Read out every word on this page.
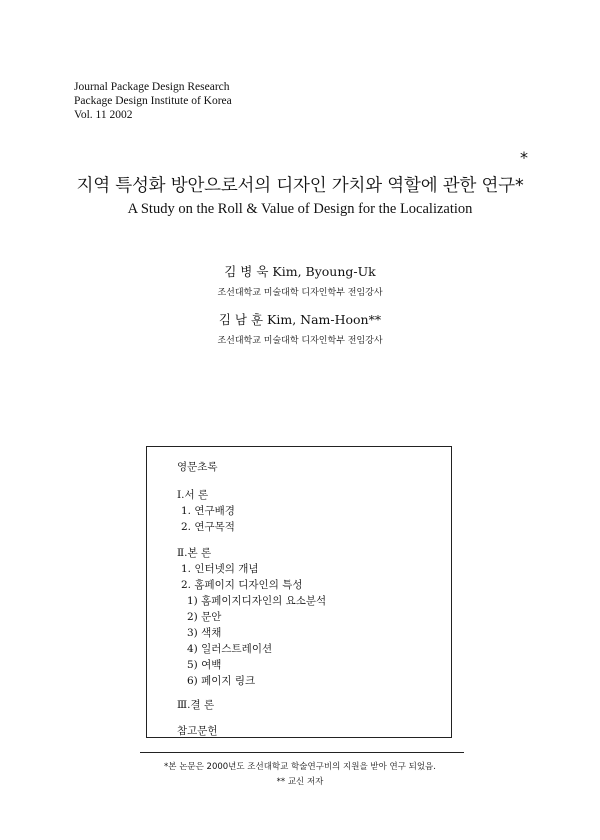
Journal Package Design Research
Package Design Institute of Korea
Vol. 11 2002
*
지역 특성화 방안으로서의 디자인 가치와 역할에 관한 연구*
A Study on the Roll & Value of Design for the Localization
김 병 욱 Kim, Byoung-Uk
조선대학교 미술대학 디자인학부 전임강사
김 남 훈 Kim, Nam-Hoon**
조선대학교 미술대학 디자인학부 전임강사
영문초록
Ⅰ.서 론
1. 연구배경
2. 연구목적
Ⅱ.본 론
1. 인터넷의 개념
2. 홈페이지 디자인의 특성
1) 홈페이지디자인의 요소분석
2) 문안
3) 색채
4) 일러스트레이션
5) 여백
6) 페이지 링크
Ⅲ.결 론
참고문헌
*본 논문은 2000년도 조선대학교 학술연구비의 지원을 받아 연구 되었음.
** 교신 저자
